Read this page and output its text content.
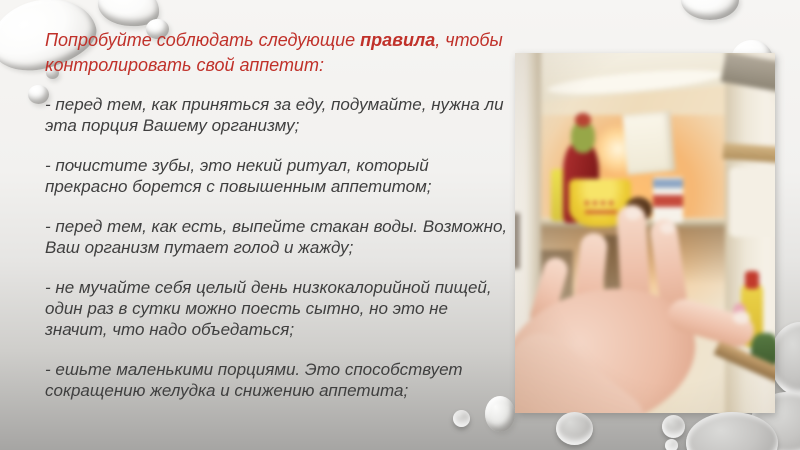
Попробуйте соблюдать следующие правила, чтобы
контролировать свой аппетит:

- перед тем, как приняться за еду, подумайте, нужна ли
эта порция Вашему организму;

- почистите зубы, это некий ритуал, который
прекрасно борется с повышенным аппетитом;

- перед тем, как есть, выпейте стакан воды. Возможно,
Ваш организм путает голод и жажду;

- не мучайте себя целый день низкокалорийной пищей,
один раз в сутки можно поесть сытно, но это не
значит, что надо объедаться;

- ешьте маленькими порциями. Это способствует
сокращению желудка и снижению аппетита;
